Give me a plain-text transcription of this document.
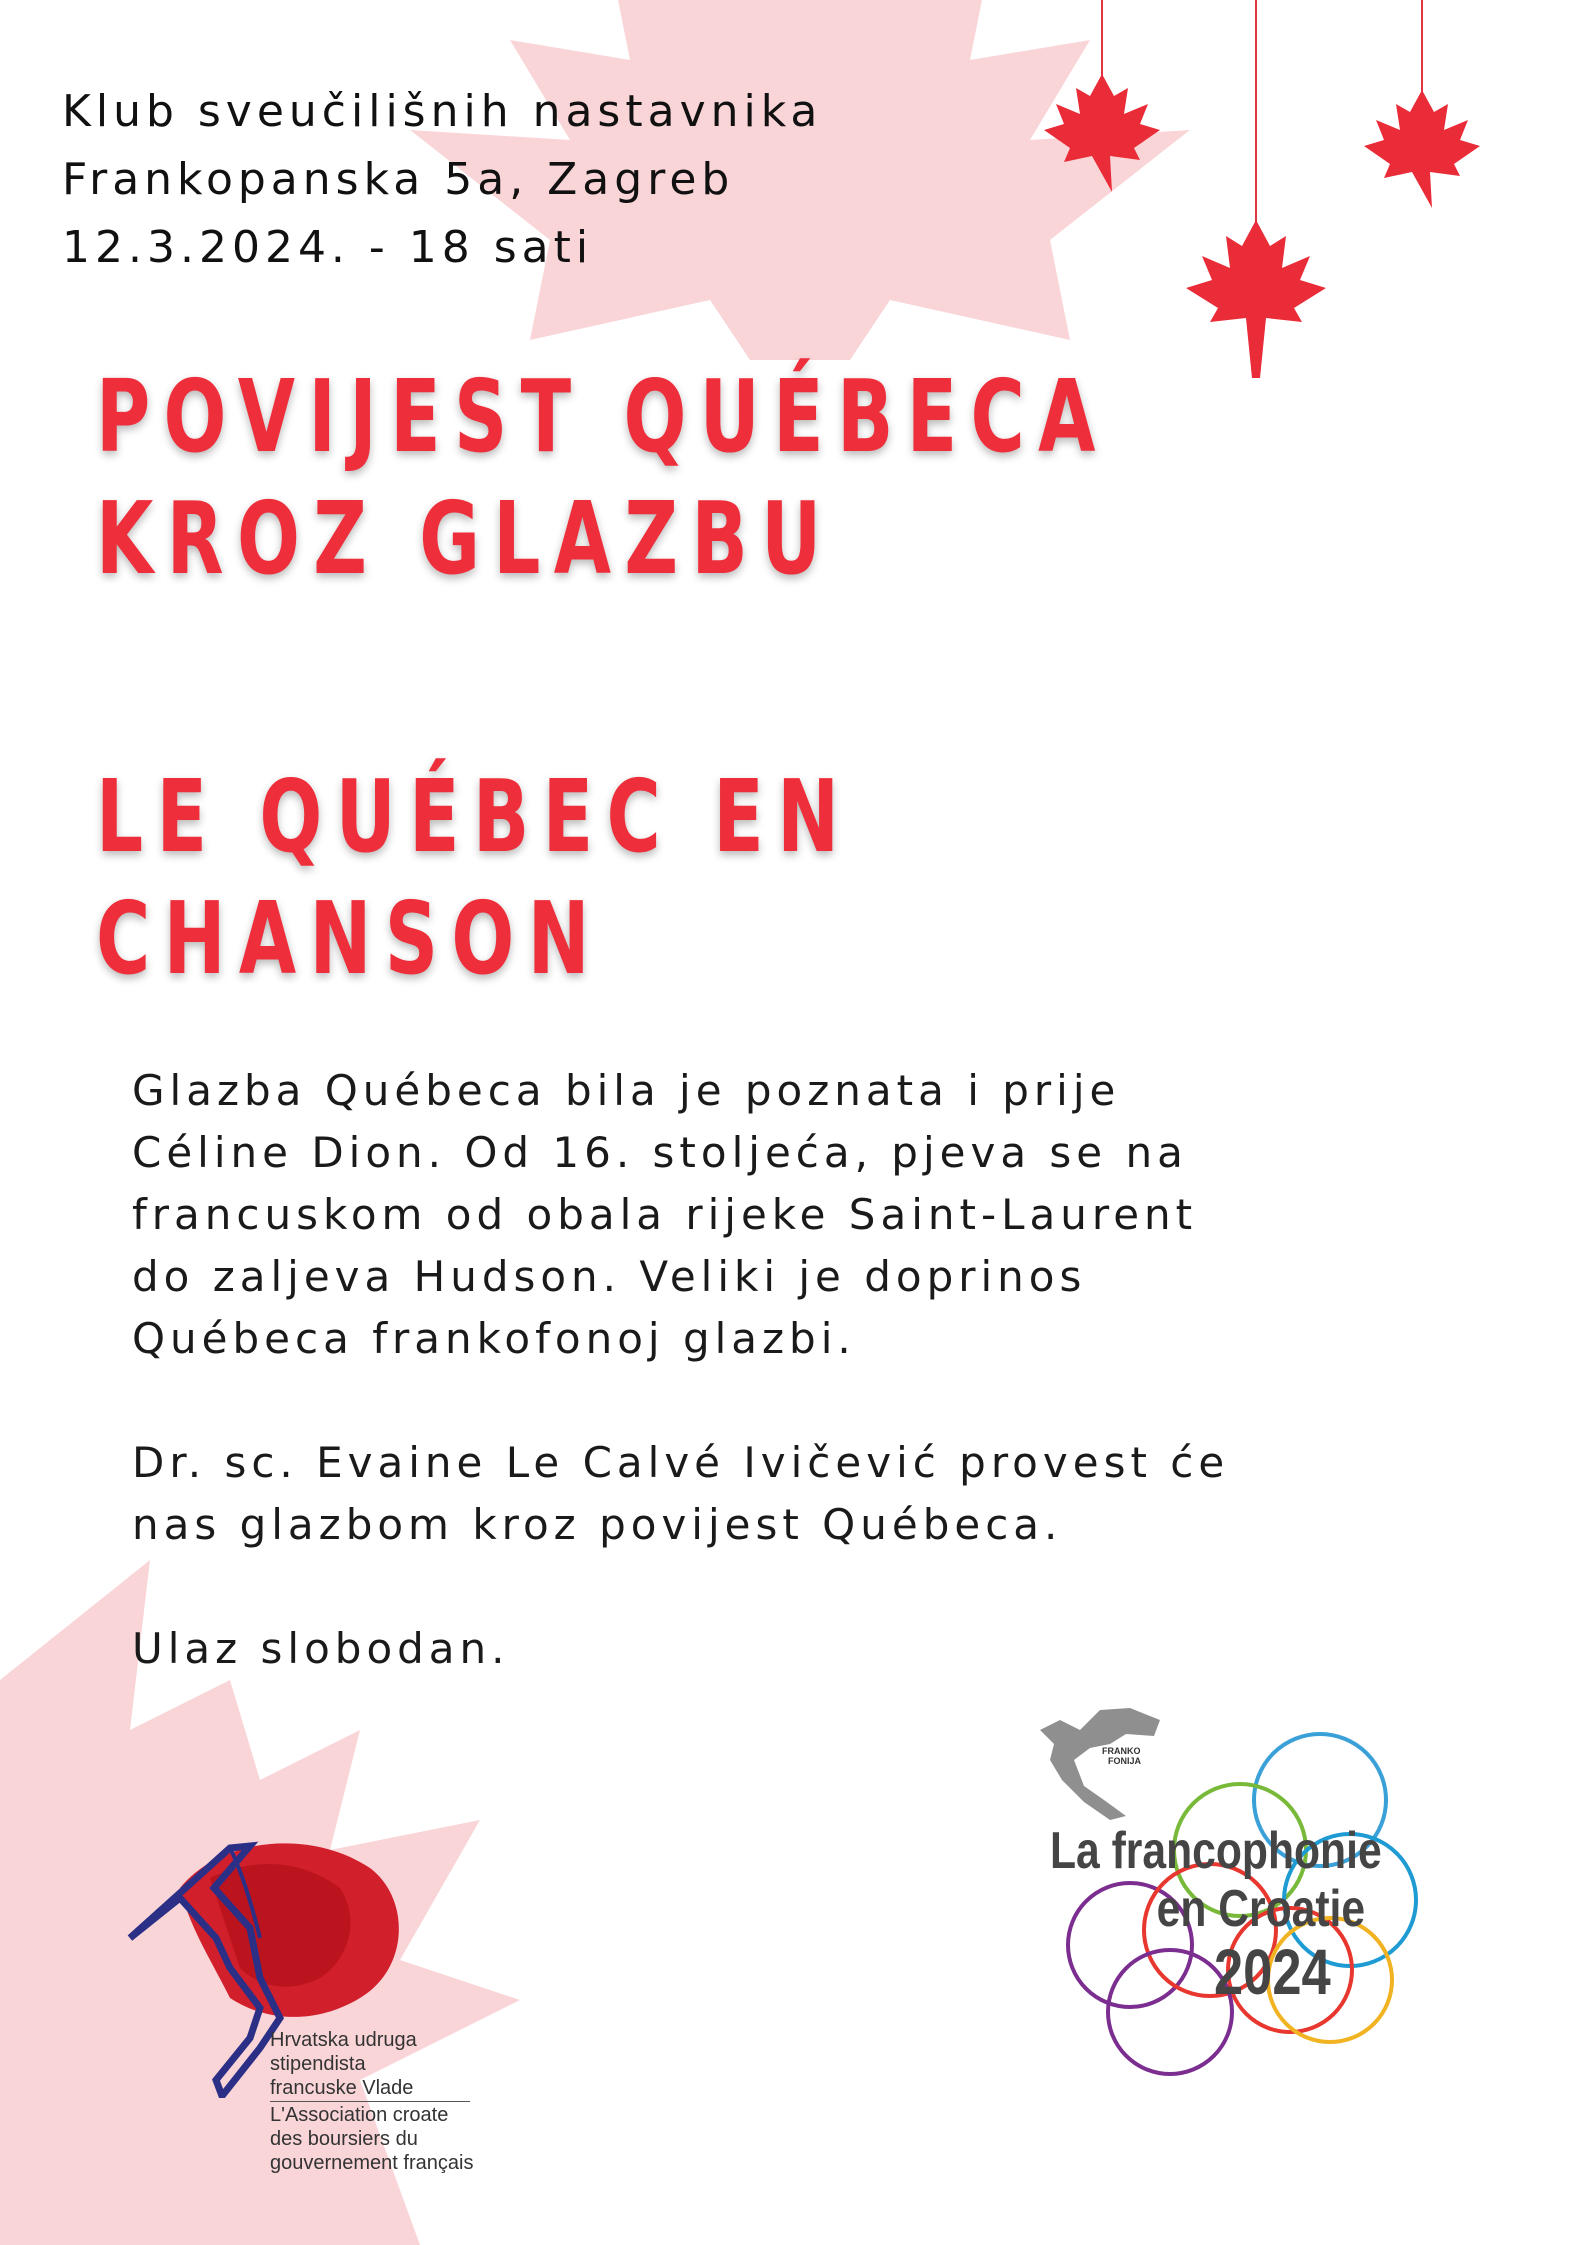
Klub sveučilišnih nastavnika
Frankopanska 5a, Zagreb
12.3.2024. - 18 sati
POVIJEST QUÉBECA
KROZ GLAZBU
LE QUÉBEC EN
CHANSON

Glazba Québeca bila je poznata i prije
Céline Dion. Od 16. stoljeća, pjeva se na
francuskom od obala rijeke Saint-Laurent
do zaljeva Hudson. Veliki je doprinos
Québeca frankofonoj glazbi.

Dr. sc. Evaine Le Calvé Ivičević provest će
nas glazbom kroz povijest Québeca.

Ulaz slobodan.

Hrvatska udruga
stipendista
francuske Vlade
L'Association croate
des boursiers du
gouvernement français
FRANKO
FONIJA
La francophonie
en Croatie
2024
